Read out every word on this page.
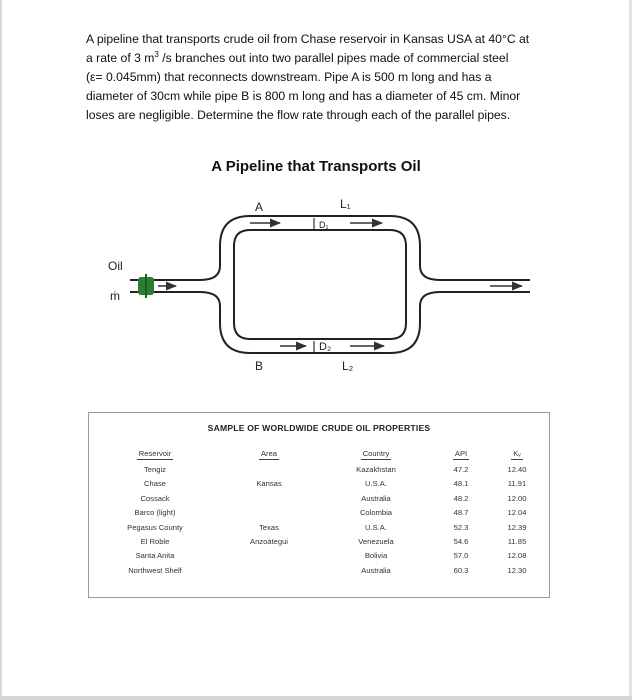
A pipeline that transports crude oil from Chase reservoir in Kansas USA at 40°C at

a rate of 3 $m^3$ /s branches out into two parallel pipes made of commercial steel

(ε= 0.045mm) that reconnects downstream. Pipe A is 500 m long and has a

diameter of 30cm while pipe B is 800 m long and has a diameter of 45 cm. Minor

loses are negligible. Determine the flow rate through each of the parallel pipes.

A Pipeline that Transports Oil
Oil
ṁ
A
B
L₁
L₂
D₁
D₂
SAMPLE OF WORLDWIDE CRUDE OIL PROPERTIES
Reservoir
Tengiz
Chase
Cossack
Barco (light)
Pegasus County
El Roble
Santa Anita
Northwest Shelf
Area
Kansas
Texas
Anzoátegui
Country
Kazakhstan
U.S.A.
Australia
Colombia
U.S.A.
Venezuela
Bolivia
Australia
API
47.2
48.1
48.2
48.7
52.3
54.6
57.0
60.3
Kᵥ
12.40
11.91
12.00
12.04
12.39
11.85
12.08
12.30
